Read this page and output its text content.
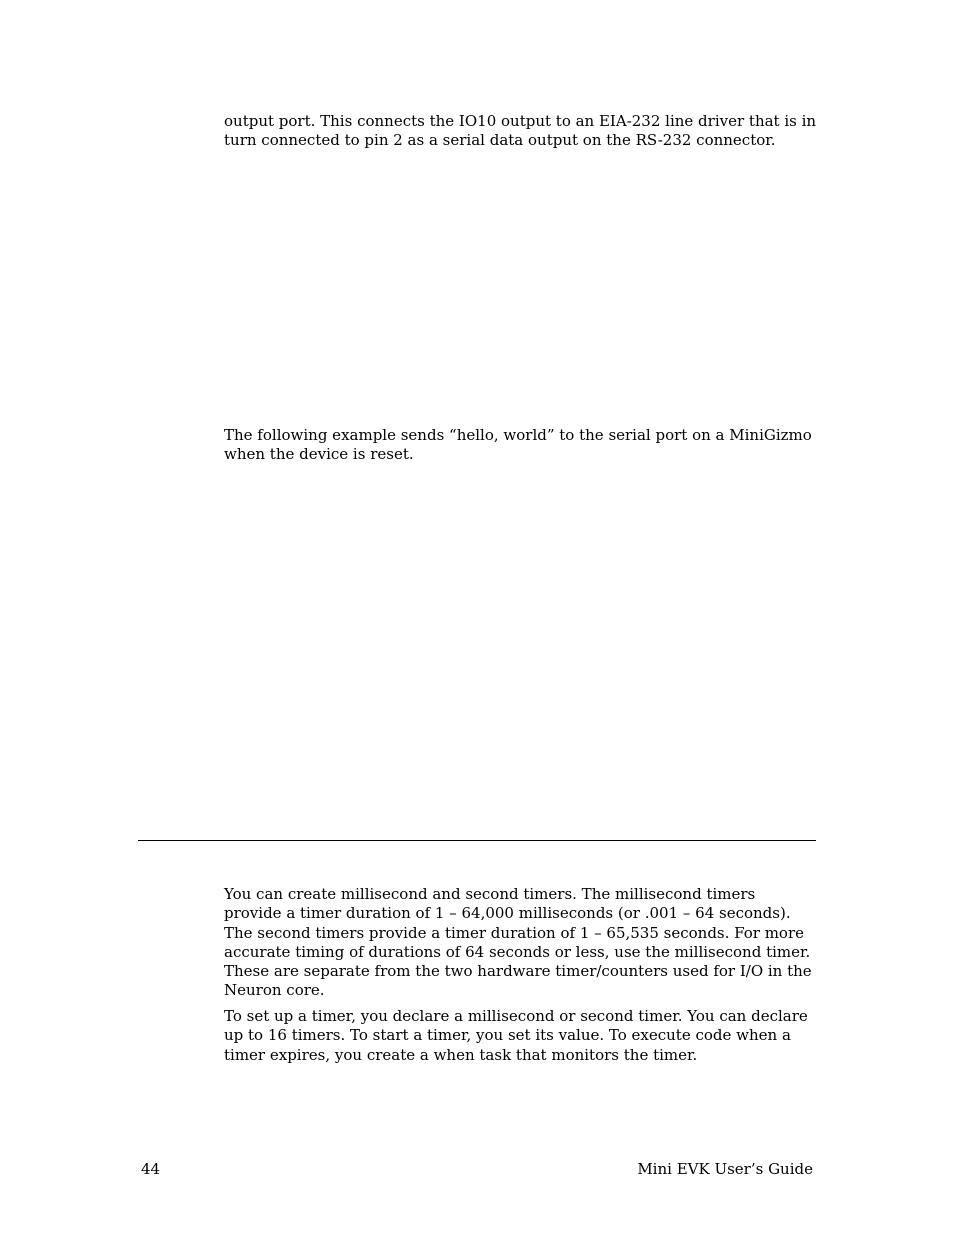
output port. This connects the IO10 output to an EIA-232 line driver that is in
turn connected to pin 2 as a serial data output on the RS-232 connector.
The following example sends “hello, world” to the serial port on a MiniGizmo
when the device is reset.
You can create millisecond and second timers. The millisecond timers
provide a timer duration of 1 – 64,000 milliseconds (or .001 – 64 seconds).
The second timers provide a timer duration of 1 – 65,535 seconds. For more
accurate timing of durations of 64 seconds or less, use the millisecond timer.
These are separate from the two hardware timer/counters used for I/O in the
Neuron core.
To set up a timer, you declare a millisecond or second timer. You can declare
up to 16 timers. To start a timer, you set its value. To execute code when a
timer expires, you create a when task that monitors the timer.
44	Mini EVK User’s Guide
